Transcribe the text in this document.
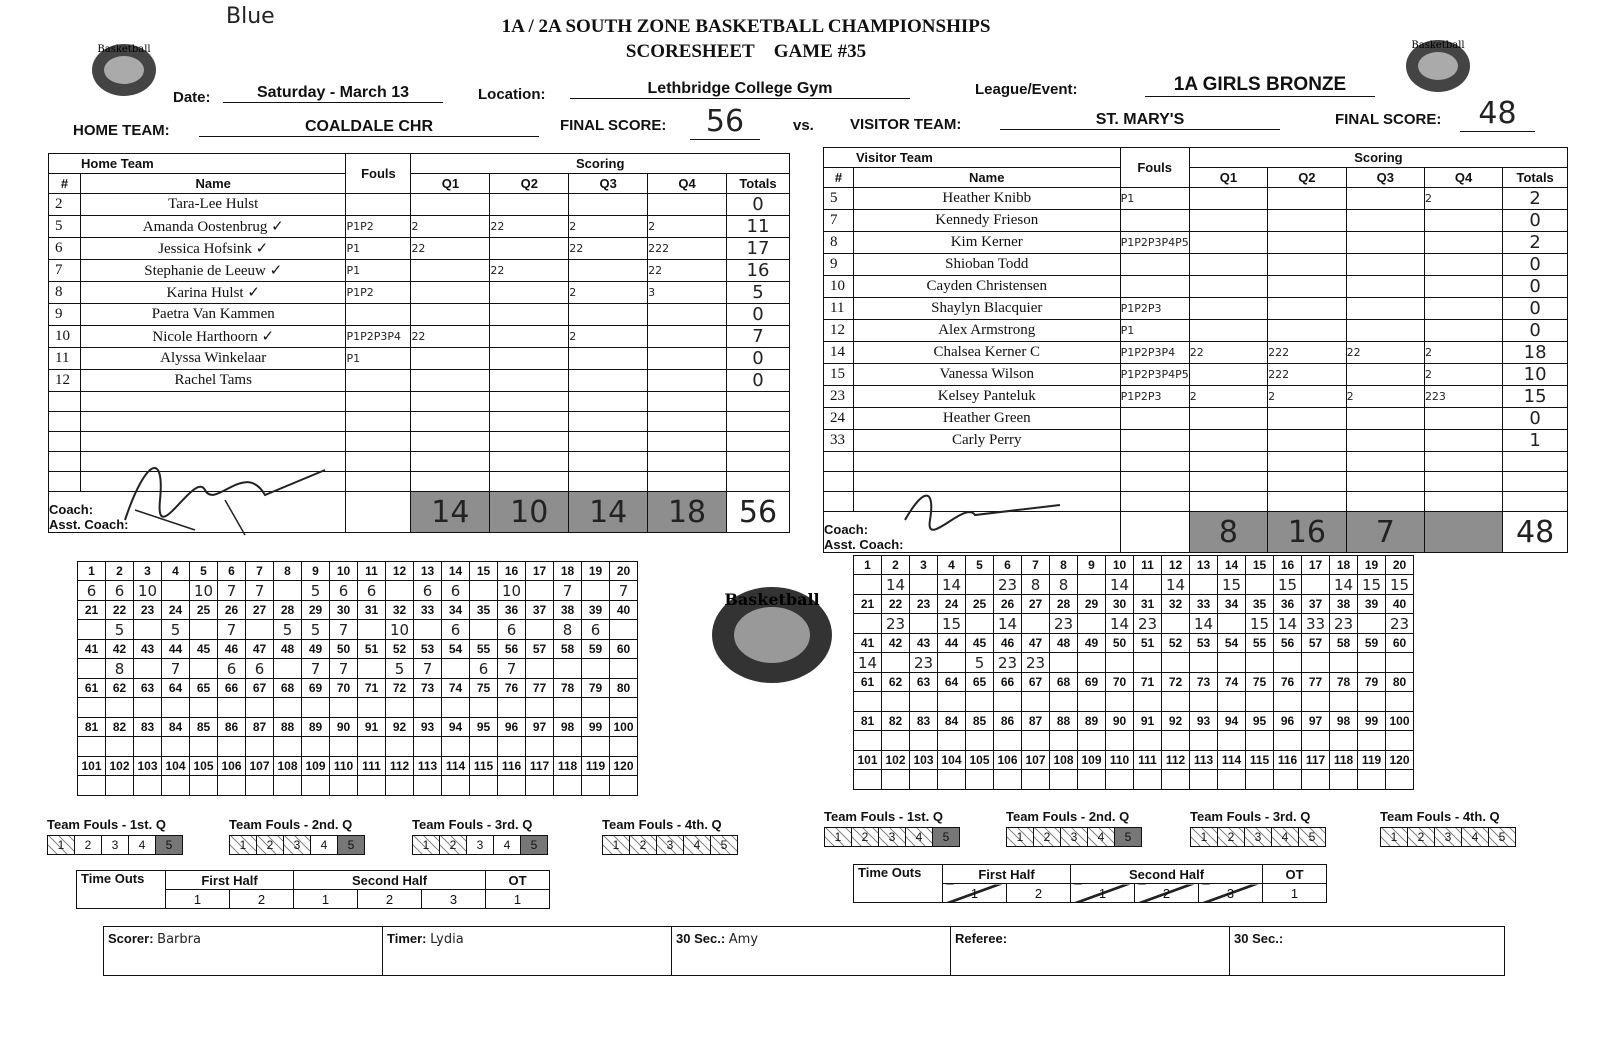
Blue	1A / 2A SOUTH ZONE BASKETBALL CHAMPIONSHIPS
SCORESHEET GAME #35
Basketball	Basketball
Date:	Saturday - March 13	Location:	Lethbridge College Gym	League/Event:	1A GIRLS BRONZE
HOME TEAM:	COALDALE CHR	FINAL SCORE:	56	vs. VISITOR TEAM:	ST. MARY'S	FINAL SCORE:	48
Home Team		Fouls	Scoring				
#	Name		Q1	Q2	Q3	Q4	Totals
2	Tara-Lee Hulst						0
5	Amanda Oostenbrug ✓	P1P2	2	22	2	2	11
6	Jessica Hofsink ✓	P1	22		22	222	17
7	Stephanie de Leeuw ✓	P1		22		22	16
8	Karina Hulst ✓	P1P2			2	3	5
9	Paetra Van Kammen						0
10	Nicole Harthoorn ✓	P1P2P3P4	22		2		7
11	Alyssa Winkelaar	P1					0
12	Rachel Tams						0

Coach:
Asst. Coach:			14	10	14	18	56
Visitor Team		Fouls	Scoring				
#	Name		Q1	Q2	Q3	Q4	Totals
5	Heather Knibb	P1				2	2
7	Kennedy Frieson						0
8	Kim Kerner	P1P2P3P4P5					2
9	Shioban Todd						0
10	Cayden Christensen						0
11	Shaylyn Blacquier	P1P2P3					0
12	Alex Armstrong	P1					0
14	Chalsea Kerner C	P1P2P3P4	22	222	22	2	18
15	Vanessa Wilson	P1P2P3P4P5		222		2	10
23	Kelsey Panteluk	P1P2P3	2	2	2	223	15
24	Heather Green						0
33	Carly Perry						1

Coach:
Asst. Coach:			8	16	7		48
Basketball
1	2	3	4	5	6	7	8	9	10	11	12	13	14	15	16	17	18	19	20
6	6	10		10	7	7		5	6	6		6	6		10		7		7
21	22	23	24	25	26	27	28	29	30	31	32	33	34	35	36	37	38	39	40
	5		5		7		5	5	7		10		6		6		8	6	
41	42	43	44	45	46	47	48	49	50	51	52	53	54	55	56	57	58	59	60
	8		7		6	6		7	7		5	7		6	7				
61	62	63	64	65	66	67	68	69	70	71	72	73	74	75	76	77	78	79	80

81	82	83	84	85	86	87	88	89	90	91	92	93	94	95	96	97	98	99	100

101	102	103	104	105	106	107	108	109	110	111	112	113	114	115	116	117	118	119	120

1	2	3	4	5	6	7	8	9	10	11	12	13	14	15	16	17	18	19	20
	14		14		23	8	8		14		14		15		15		14	15	15
21	22	23	24	25	26	27	28	29	30	31	32	33	34	35	36	37	38	39	40
	23		15		14		23		14	23		14		15	14	33	23		23
41	42	43	44	45	46	47	48	49	50	51	52	53	54	55	56	57	58	59	60
14		23		5	23	23													
61	62	63	64	65	66	67	68	69	70	71	72	73	74	75	76	77	78	79	80

81	82	83	84	85	86	87	88	89	90	91	92	93	94	95	96	97	98	99	100

101	102	103	104	105	106	107	108	109	110	111	112	113	114	115	116	117	118	119	120

Team Fouls - 1st. Q
1	2	3	4	5
Team Fouls - 2nd. Q
1	2	3	4	5
Team Fouls - 3rd. Q
1	2	3	4	5
Team Fouls - 4th. Q
1	2	3	4	5
Team Fouls - 1st. Q
1	2	3	4	5
Team Fouls - 2nd. Q
1	2	3	4	5
Team Fouls - 3rd. Q
1	2	3	4	5
Team Fouls - 4th. Q
1	2	3	4	5
Time Outs	First Half		Second Half			OT
	1	2	1	2	3	1
Time Outs	First Half		Second Half			OT
	1	2	1	2	3	1
Scorer: Barbra	Timer: Lydia	30 Sec.: Amy	Referee:	30 Sec.:
